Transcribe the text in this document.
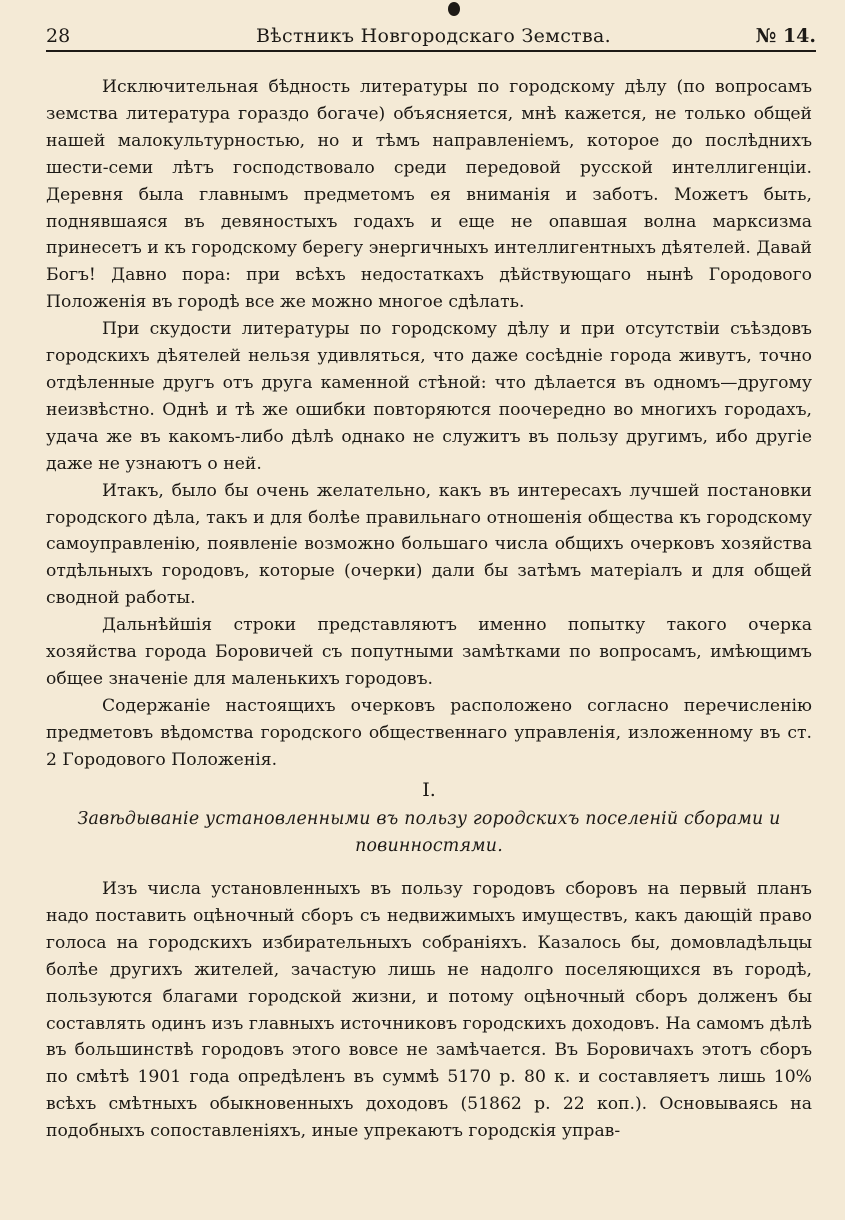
28	Вѣстникъ Новгородскаго Земства.	№ 14.

Исключительная бѣдность литературы по городскому дѣлу (по вопросамъ земства литература гораздо богаче) объясняется, мнѣ кажется, не только общей нашей малокультурностью, но и тѣмъ направленіемъ, которое до послѣднихъ шести-семи лѣтъ господствовало среди передовой русской интеллигенціи. Деревня была главнымъ предметомъ ея вниманія и заботъ. Можетъ быть, поднявшаяся въ девяностыхъ годахъ и еще не опавшая волна марксизма принесетъ и къ городскому берегу энергичныхъ интеллигентныхъ дѣятелей. Давай Богъ! Давно пора: при всѣхъ недостаткахъ дѣйствующаго нынѣ Городового Положенія въ городѣ все же можно многое сдѣлать.

При скудости литературы по городскому дѣлу и при отсутствіи съѣздовъ городскихъ дѣятелей нельзя удивляться, что даже сосѣдніе города живутъ, точно отдѣленные другъ отъ друга каменной стѣной: что дѣлается въ одномъ—другому неизвѣстно. Однѣ и тѣ же ошибки повторяются поочередно во многихъ городахъ, удача же въ какомъ-либо дѣлѣ однако не служитъ въ пользу другимъ, ибо другіе даже не узнаютъ о ней.

Итакъ, было бы очень желательно, какъ въ интересахъ лучшей постановки городского дѣла, такъ и для болѣе правильнаго отношенія общества къ городскому самоуправленію, появленіе возможно большаго числа общихъ очерковъ хозяйства отдѣльныхъ городовъ, которые (очерки) дали бы затѣмъ матеріалъ и для общей сводной работы.

Дальнѣйшія строки представляютъ именно попытку такого очерка хозяйства города Боровичей съ попутными замѣтками по вопросамъ, имѣющимъ общее значеніе для маленькихъ городовъ.

Содержаніе настоящихъ очерковъ расположено согласно перечисленію предметовъ вѣдомства городского общественнаго управленія, изложенному въ ст. 2 Городового Положенія.

I.
Завѣдываніе установленными въ пользу городскихъ поселеній сборами и повинностями.

Изъ числа установленныхъ въ пользу городовъ сборовъ на первый планъ надо поставить оцѣночный сборъ съ недвижимыхъ имуществъ, какъ дающій право голоса на городскихъ избирательныхъ собраніяхъ. Казалось бы, домовладѣльцы болѣе другихъ жителей, зачастую лишь не надолго поселяющихся въ городѣ, пользуются благами городской жизни, и потому оцѣночный сборъ долженъ бы составлять одинъ изъ главныхъ источниковъ городскихъ доходовъ. На самомъ дѣлѣ въ большинствѣ городовъ этого вовсе не замѣчается. Въ Боровичахъ этотъ сборъ по смѣтѣ 1901 года опредѣленъ въ суммѣ 5170 р. 80 к. и составляетъ лишь 10% всѣхъ смѣтныхъ обыкновенныхъ доходовъ (51862 р. 22 коп.). Основываясь на подобныхъ сопоставленіяхъ, иные упрекаютъ городскія управ-
